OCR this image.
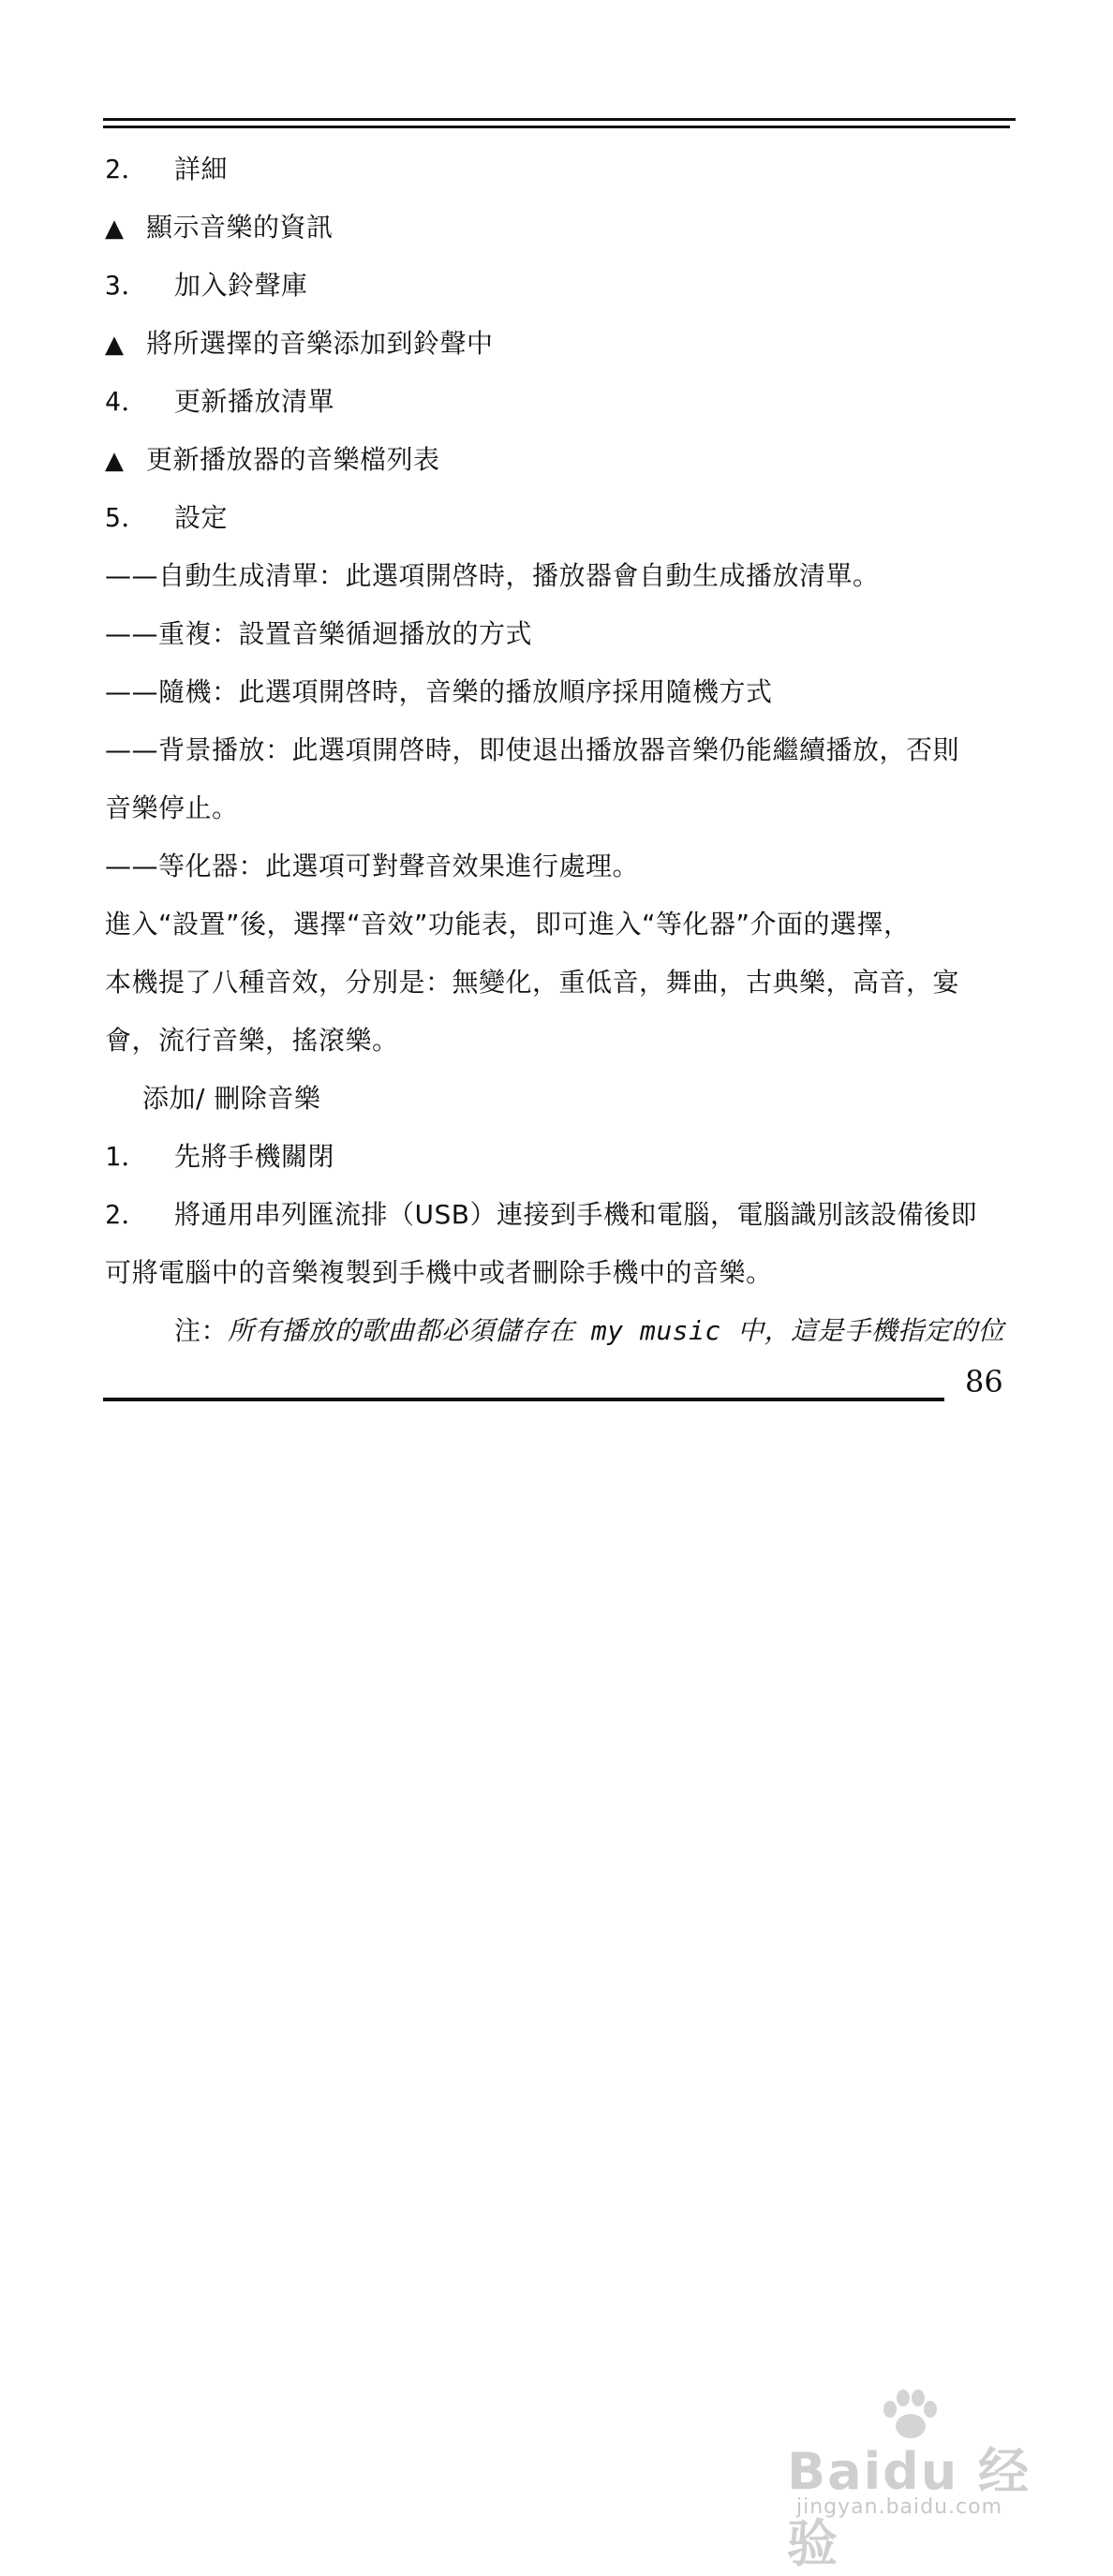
2． 詳細
▲ 顯示音樂的資訊
3． 加入鈴聲庫
▲ 將所選擇的音樂添加到鈴聲中
4． 更新播放清單
▲ 更新播放器的音樂檔列表
5． 設定
——自動生成清單：此選項開啓時，播放器會自動生成播放清單。
——重複：設置音樂循迴播放的方式
——隨機：此選項開啓時，音樂的播放順序採用隨機方式
——背景播放：此選項開啓時，即使退出播放器音樂仍能繼續播放，否則
音樂停止。
——等化器：此選項可對聲音效果進行處理。
進入“設置”後，選擇“音效”功能表，即可進入“等化器”介面的選擇，
本機提了八種音效，分別是：無變化，重低音，舞曲，古典樂，高音，宴
會，流行音樂，搖滾樂。
添加/ 刪除音樂
1． 先將手機關閉
2． 將通用串列匯流排（USB）連接到手機和電腦，電腦識別該設備後即
可將電腦中的音樂複製到手機中或者刪除手機中的音樂。
注：所有播放的歌曲都必須儲存在 my music 中，這是手機指定的位
86
Baidu 经验
jingyan.baidu.com
